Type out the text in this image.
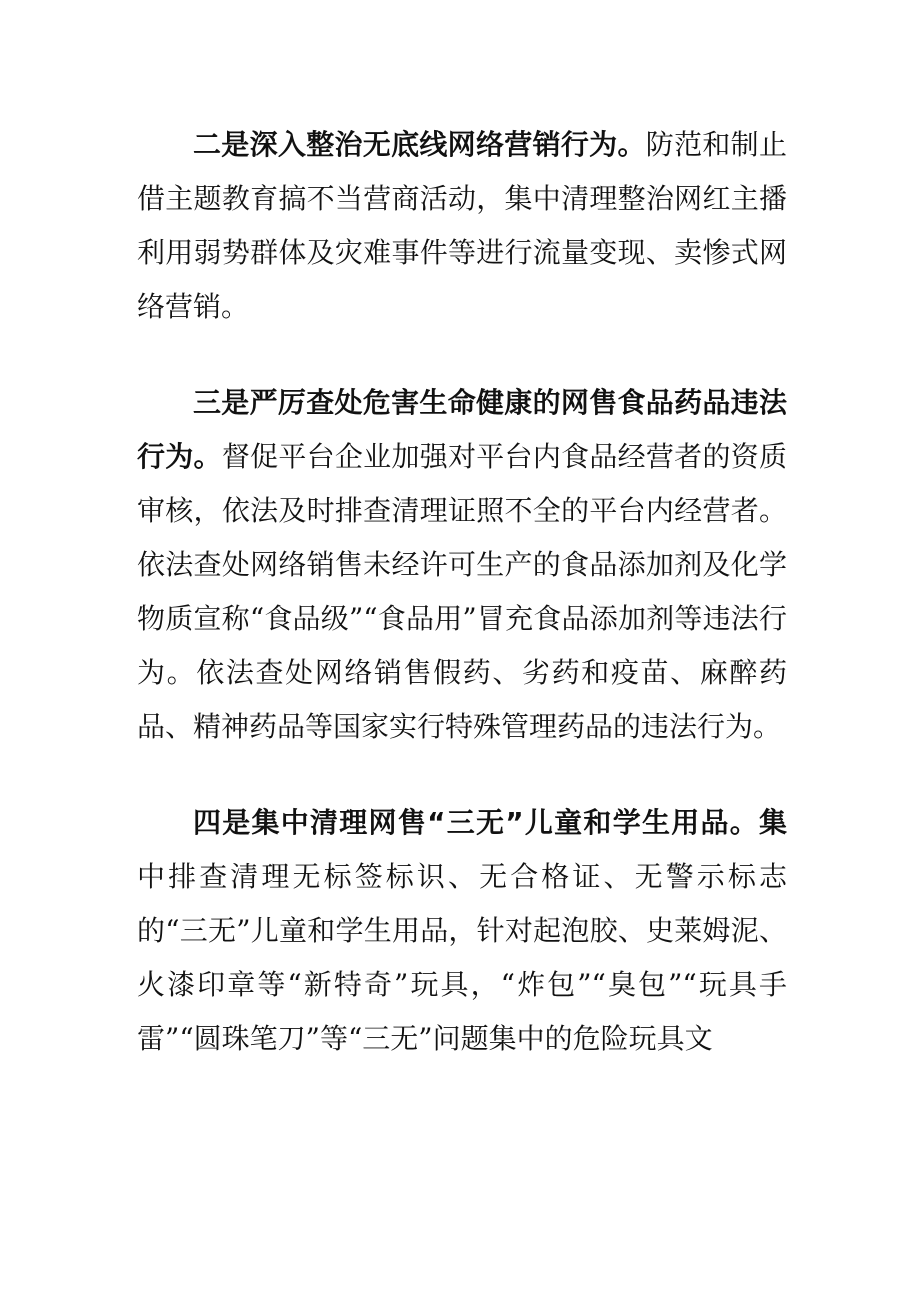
二是深入整治无底线网络营销行为。防范和制止借主题教育搞不当营商活动，集中清理整治网红主播利用弱势群体及灾难事件等进行流量变现、卖惨式网络营销。

三是严厉查处危害生命健康的网售食品药品违法行为。督促平台企业加强对平台内食品经营者的资质审核，依法及时排查清理证照不全的平台内经营者。依法查处网络销售未经许可生产的食品添加剂及化学物质宣称“食品级”“食品用”冒充食品添加剂等违法行为。依法查处网络销售假药、劣药和疫苗、麻醉药品、精神药品等国家实行特殊管理药品的违法行为。

四是集中清理网售“三无”儿童和学生用品。集中排查清理无标签标识、无合格证、无警示标志的“三无”儿童和学生用品，针对起泡胶、史莱姆泥、火漆印章等“新特奇”玩具，“炸包”“臭包”“玩具手雷”“圆珠笔刀”等“三无”问题集中的危险玩具文
